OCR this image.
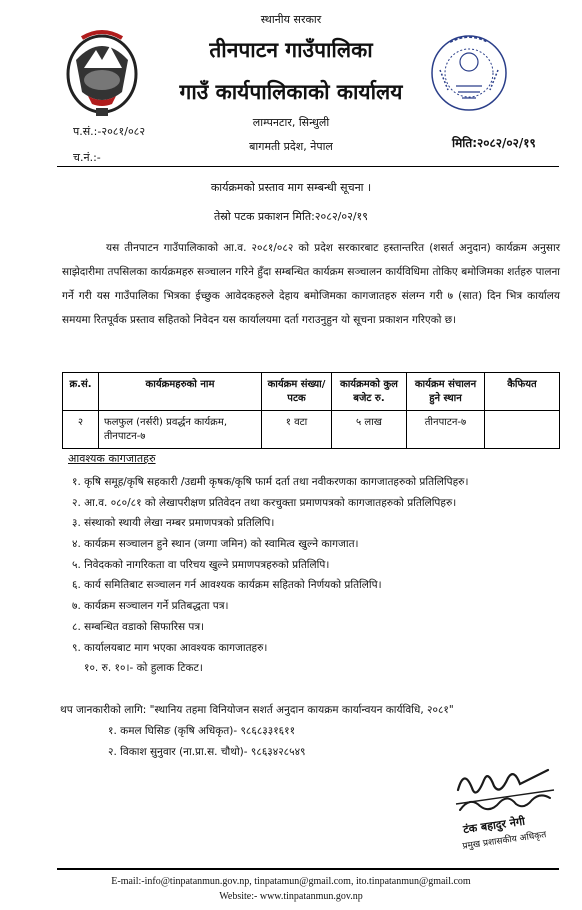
स्थानीय सरकार
तीनपाटन गाउँपालिका
गाउँ कार्यपालिकाको कार्यालय
लाम्पनटार, सिन्धुली
बागमती प्रदेश, नेपाल
प.सं.:-२०८१/०८२
च.नं.:-
मिति:२०८२/०२/१९
कार्यक्रमको प्रस्ताव माग सम्बन्धी सूचना ।
तेस्रो पटक प्रकाशन मिति:२०८२/०२/१९

यस तीनपाटन गाउँपालिकाको आ.व. २०८१/०८२ को प्रदेश सरकारबाट हस्तान्तरित (शसर्त अनुदान) कार्यक्रम अनुसार साझेदारीमा तपसिलका कार्यक्रमहरु सञ्चालन गरिने हुँदा सम्बन्धित कार्यक्रम सञ्चालन कार्यविधिमा तोकिए बमोजिमका शर्तहरु पालना गर्ने गरी यस गाउँपालिका भित्रका ईच्छुक आवेदकहरुले देहाय बमोजिमका कागजातहरु संलग्न गरी ७ (सात) दिन भित्र कार्यालय समयमा रितपूर्वक प्रस्ताव सहितको निवेदन यस कार्यालयमा दर्ता गराउनुहुन यो सूचना प्रकाशन गरिएको छ।

क्र.सं.	कार्यक्रमहरुको नाम	कार्यक्रम संख्या/पटक	कार्यक्रमको कुल बजेट रु.	कार्यक्रम संचालन हुने स्थान	कैफियत
२	फलफुल (नर्सरी) प्रवर्द्धन कार्यक्रम, तीनपाटन-७	१ वटा	५ लाख	तीनपाटन-७	
आवश्यक कागजातहरु
१. कृषि समूह/कृषि सहकारी /उद्यमी कृषक/कृषि फार्म दर्ता तथा नवीकरणका कागजातहरुको प्रतिलिपिहरु।
२. आ.व. ०८०/८१ को लेखापरीक्षण प्रतिवेदन तथा करचुक्ता प्रमाणपत्रको कागजातहरुको प्रतिलिपिहरु।
३. संस्थाको स्थायी लेखा नम्बर प्रमाणपत्रको प्रतिलिपि।
४. कार्यक्रम सञ्चालन हुने स्थान (जग्गा जमिन) को स्वामित्व खुल्ने कागजात।
५. निवेदकको नागरिकता वा परिचय खुल्ने प्रमाणपत्रहरुको प्रतिलिपि।
६. कार्य समितिबाट सञ्चालन गर्न आवश्यक कार्यक्रम सहितको निर्णयको प्रतिलिपि।
७. कार्यक्रम सञ्चालन गर्ने प्रतिबद्धता पत्र।
८. सम्बन्धित वडाको सिफारिस पत्र।
९. कार्यालयबाट माग भएका आवश्यक कागजातहरु।
१०. रु. १०।- को हुलाक टिकट।
थप जानकारीको लागि: "स्थानिय तहमा विनियोजन सशर्त अनुदान कायक्रम कार्यान्वयन कार्यविधि, २०८१"
१. कमल घिसिङ (कृषि अधिकृत)- ९८६८३३१६११
२. विकाश सुनुवार (ना.प्रा.स. चौथो)- ९८६३४२८५४९
टंक बहादुर नेगी
प्रमुख प्रशासकीय अधिकृत
E-mail:-info@tinpatanmun.gov.np, tinpatamun@gmail.com, ito.tinpatanmun@gmail.com
Website:- www.tinpatanmun.gov.np
